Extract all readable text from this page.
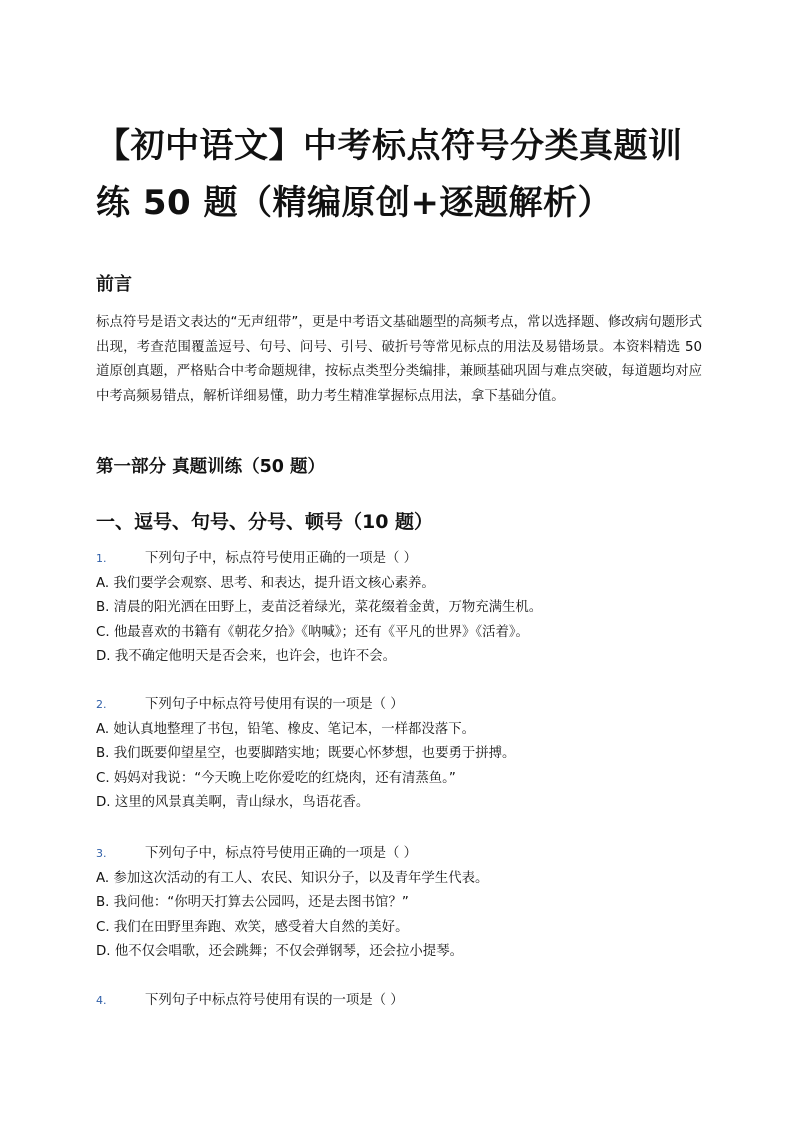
【初中语文】中考标点符号分类真题训练 50 题（精编原创+逐题解析）
前言

标点符号是语文表达的“无声纽带”，更是中考语文基础题型的高频考点，常以选择题、修改病句题形式出现，考查范围覆盖逗号、句号、问号、引号、破折号等常见标点的用法及易错场景。本资料精选 50 道原创真题，严格贴合中考命题规律，按标点类型分类编排，兼顾基础巩固与难点突破，每道题均对应中考高频易错点，解析详细易懂，助力考生精准掌握标点用法，拿下基础分值。

第一部分 真题训练（50 题）
一、逗号、句号、分号、顿号（10 题）
1.	下列句子中，标点符号使用正确的一项是（ ）
A. 我们要学会观察、思考、和表达，提升语文核心素养。
B. 清晨的阳光洒在田野上，麦苗泛着绿光，菜花缀着金黄，万物充满生机。
C. 他最喜欢的书籍有《朝花夕拾》《呐喊》；还有《平凡的世界》《活着》。
D. 我不确定他明天是否会来，也许会，也许不会。
2.	下列句子中标点符号使用有误的一项是（ ）
A. 她认真地整理了书包，铅笔、橡皮、笔记本，一样都没落下。
B. 我们既要仰望星空，也要脚踏实地；既要心怀梦想，也要勇于拼搏。
C. 妈妈对我说：“今天晚上吃你爱吃的红烧肉，还有清蒸鱼。”
D. 这里的风景真美啊，青山绿水，鸟语花香。
3.	下列句子中，标点符号使用正确的一项是（ ）
A. 参加这次活动的有工人、农民、知识分子，以及青年学生代表。
B. 我问他：“你明天打算去公园吗，还是去图书馆？”
C. 我们在田野里奔跑、欢笑，感受着大自然的美好。
D. 他不仅会唱歌，还会跳舞；不仅会弹钢琴，还会拉小提琴。
4.	下列句子中标点符号使用有误的一项是（ ）
